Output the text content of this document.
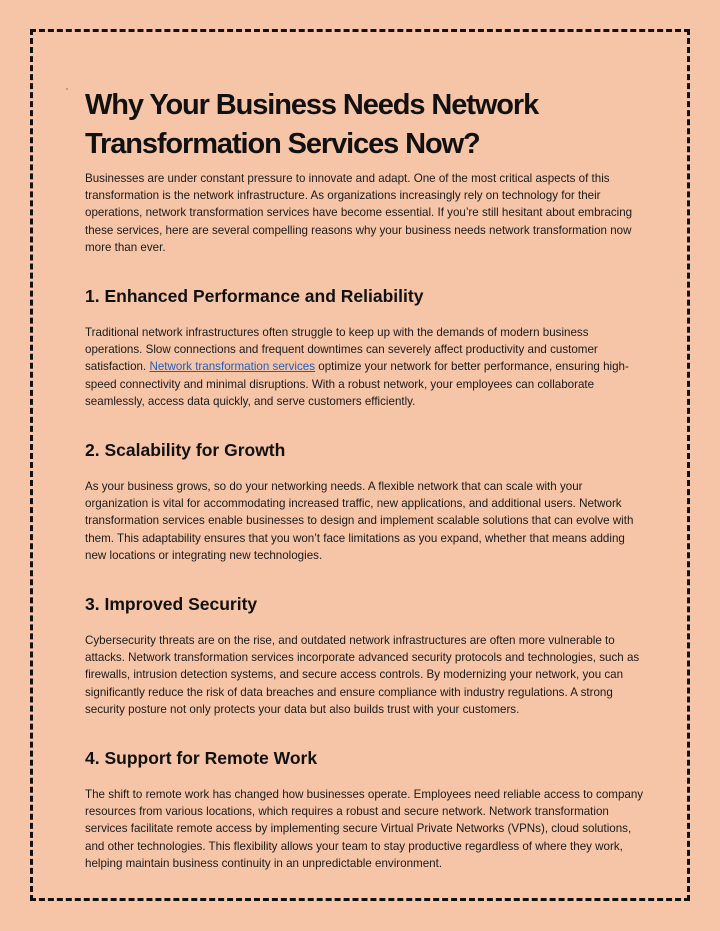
Why Your Business Needs Network Transformation Services Now?

Businesses are under constant pressure to innovate and adapt. One of the most critical aspects of this transformation is the network infrastructure. As organizations increasingly rely on technology for their operations, network transformation services have become essential. If you’re still hesitant about embracing these services, here are several compelling reasons why your business needs network transformation now more than ever.

1. Enhanced Performance and Reliability

Traditional network infrastructures often struggle to keep up with the demands of modern business operations. Slow connections and frequent downtimes can severely affect productivity and customer satisfaction. Network transformation services optimize your network for better performance, ensuring high-speed connectivity and minimal disruptions. With a robust network, your employees can collaborate seamlessly, access data quickly, and serve customers efficiently.

2. Scalability for Growth

As your business grows, so do your networking needs. A flexible network that can scale with your organization is vital for accommodating increased traffic, new applications, and additional users. Network transformation services enable businesses to design and implement scalable solutions that can evolve with them. This adaptability ensures that you won’t face limitations as you expand, whether that means adding new locations or integrating new technologies.

3. Improved Security

Cybersecurity threats are on the rise, and outdated network infrastructures are often more vulnerable to attacks. Network transformation services incorporate advanced security protocols and technologies, such as firewalls, intrusion detection systems, and secure access controls. By modernizing your network, you can significantly reduce the risk of data breaches and ensure compliance with industry regulations. A strong security posture not only protects your data but also builds trust with your customers.

4. Support for Remote Work

The shift to remote work has changed how businesses operate. Employees need reliable access to company resources from various locations, which requires a robust and secure network. Network transformation services facilitate remote access by implementing secure Virtual Private Networks (VPNs), cloud solutions, and other technologies. This flexibility allows your team to stay productive regardless of where they work, helping maintain business continuity in an unpredictable environment.
